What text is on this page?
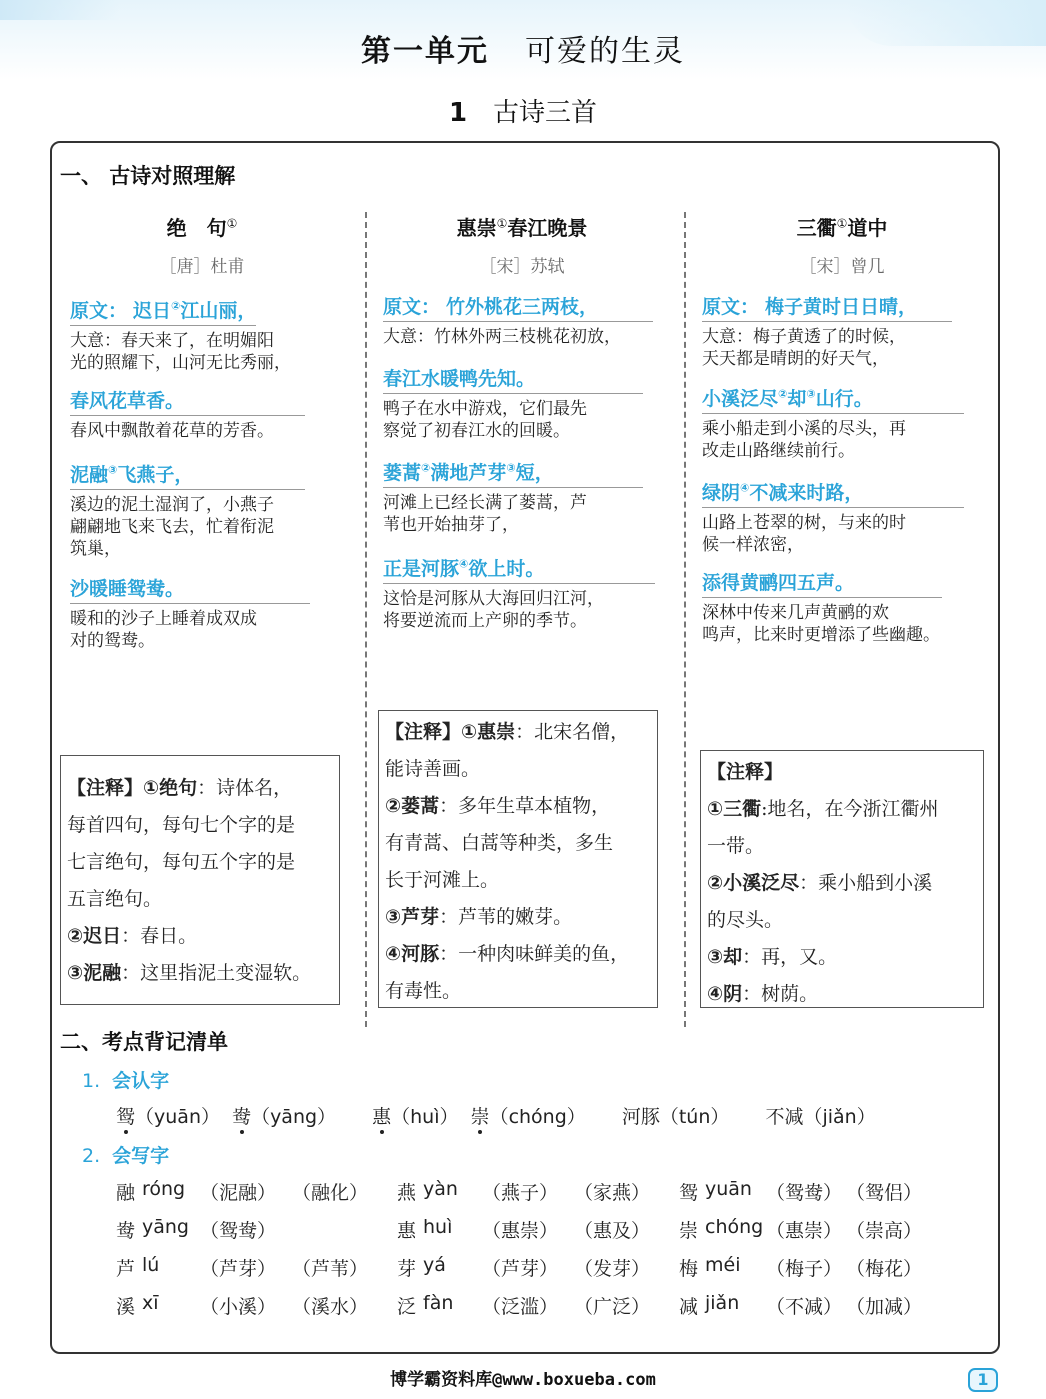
第一单元 可爱的生灵
1 古诗三首
一、 古诗对照理解
绝　句①
［唐］杜甫
原文： 迟日②江山丽，
大意：春天来了，在明媚阳
光的照耀下，山河无比秀丽，
春风花草香。
春风中飘散着花草的芳香。
泥融③飞燕子，
溪边的泥土湿润了，小燕子
翩翩地飞来飞去，忙着衔泥
筑巢，
沙暖睡鸳鸯。
暖和的沙子上睡着成双成
对的鸳鸯。
惠崇①春江晚景
［宋］苏轼
原文： 竹外桃花三两枝，
大意：竹林外两三枝桃花初放，
春江水暖鸭先知。
鸭子在水中游戏，它们最先
察觉了初春江水的回暖。
蒌蒿②满地芦芽③短，
河滩上已经长满了蒌蒿，芦
苇也开始抽芽了，
正是河豚④欲上时。
这恰是河豚从大海回归江河，
将要逆流而上产卵的季节。
三衢①道中
［宋］曾几
原文： 梅子黄时日日晴，
大意：梅子黄透了的时候，
天天都是晴朗的好天气，
小溪泛尽②却③山行。
乘小船走到小溪的尽头，再
改走山路继续前行。
绿阴④不减来时路，
山路上苍翠的树，与来的时
候一样浓密，
添得黄鹂四五声。
深林中传来几声黄鹂的欢
鸣声，比来时更增添了些幽趣。
【注释】①绝句：诗体名，
每首四句，每句七个字的是
七言绝句，每句五个字的是
五言绝句。
②迟日：春日。
③泥融：这里指泥土变湿软。
【注释】①惠崇：北宋名僧，
能诗善画。
②蒌蒿：多年生草本植物，
有青蒿、白蒿等种类，多生
长于河滩上。
③芦芽：芦苇的嫩芽。
④河豚：一种肉味鲜美的鱼，
有毒性。
【注释】
①三衢:地名，在今浙江衢州
一带。
②小溪泛尽：乘小船到小溪
的尽头。
③却：再，又。
④阴：树荫。
二、考点背记清单
1. 会认字
鸳（yuān） 鸯（yāng） 惠（huì） 崇（chóng） 河豚（tún） 不减（jiǎn）
2. 会写字
融 róng （泥融） （融化） 燕 yàn （燕子） （家燕） 鸳 yuān （鸳鸯） （鸳侣）
鸯 yāng （鸳鸯）	惠 huì （惠崇） （惠及） 崇 chóng （惠崇） （崇高）
芦 lú （芦芽） （芦苇） 芽 yá （芦芽） （发芽） 梅 méi （梅子） （梅花）
溪 xī （小溪） （溪水） 泛 fàn （泛滥） （广泛） 减 jiǎn （不减） （加减）
博学霸资料库@www.boxueba.com	1
